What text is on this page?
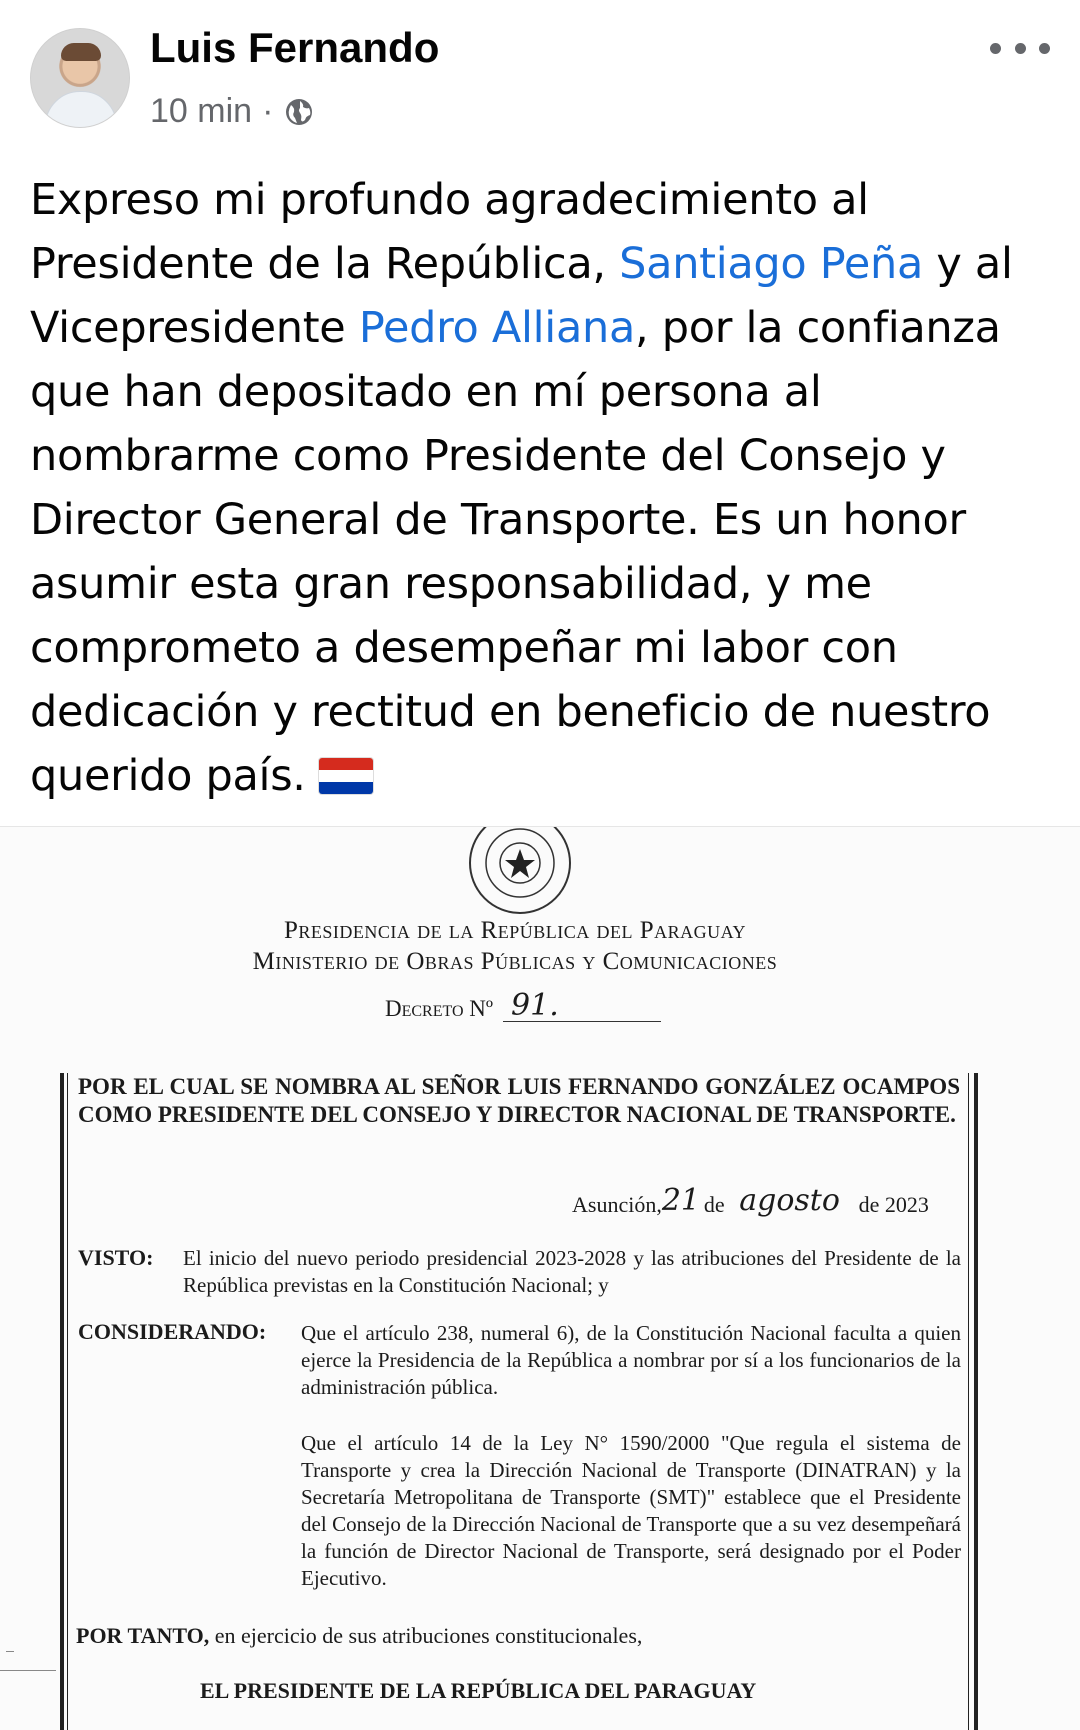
Luis Fernando
10 min ·
Expreso mi profundo agradecimiento al Presidente de la República, Santiago Peña y al Vicepresidente Pedro Alliana, por la confianza que han depositado en mí persona al nombrarme como Presidente del Consejo y Director General de Transporte. Es un honor asumir esta gran responsabilidad, y me comprometo a desempeñar mi labor con dedicación y rectitud en beneficio de nuestro querido país.
Presidencia de la República del Paraguay
Ministerio de Obras Públicas y Comunicaciones
Decreto Nº 91.
POR EL CUAL SE NOMBRA AL SEÑOR LUIS FERNANDO GONZÁLEZ OCAMPOS COMO PRESIDENTE DEL CONSEJO Y DIRECTOR NACIONAL DE TRANSPORTE.
Asunción, 21 de agosto de 2023
VISTO: El inicio del nuevo periodo presidencial 2023-2028 y las atribuciones del Presidente de la República previstas en la Constitución Nacional; y
CONSIDERANDO: Que el artículo 238, numeral 6), de la Constitución Nacional faculta a quien ejerce la Presidencia de la República a nombrar por sí a los funcionarios de la administración pública.
Que el artículo 14 de la Ley N° 1590/2000 "Que regula el sistema de Transporte y crea la Dirección Nacional de Transporte (DINATRAN) y la Secretaría Metropolitana de Transporte (SMT)" establece que el Presidente del Consejo de la Dirección Nacional de Transporte que a su vez desempeñará la función de Director Nacional de Transporte, será designado por el Poder Ejecutivo.
POR TANTO, en ejercicio de sus atribuciones constitucionales,
EL PRESIDENTE DE LA REPÚBLICA DEL PARAGUAY
